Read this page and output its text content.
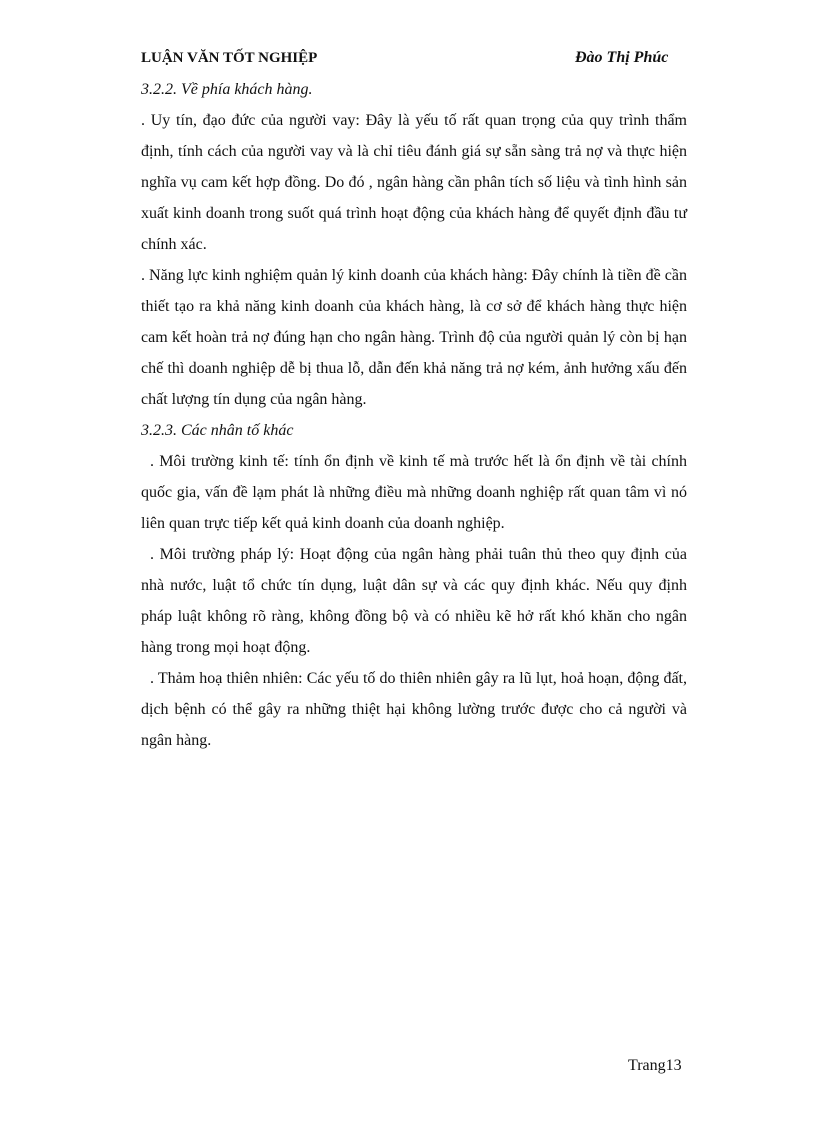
LUẬN VĂN TỐT NGHIỆP	Đào Thị Phúc

3.2.2. Về phía khách hàng.

. Uy tín, đạo đức của người vay: Đây là yếu tố rất quan trọng của quy trình thẩm định, tính cách của người vay và là chỉ tiêu đánh giá sự sẵn sàng trả nợ và thực hiện nghĩa vụ cam kết hợp đồng. Do đó , ngân hàng cần phân tích số liệu và tình hình sản xuất kinh doanh trong suốt quá trình hoạt động của khách hàng để quyết định đầu tư chính xác.

. Năng lực kinh nghiệm quản lý kinh doanh của khách hàng: Đây chính là tiền đề cần thiết tạo ra khả năng kinh doanh của khách hàng, là cơ sở để khách hàng thực hiện cam kết hoàn trả nợ đúng hạn cho ngân hàng. Trình độ của người quản lý còn bị hạn chế thì doanh nghiệp dễ bị thua lỗ, dẫn đến khả năng trả nợ kém, ảnh hưởng xấu đến chất lượng tín dụng của ngân hàng.

3.2.3. Các nhân tố khác

. Môi trường kinh tế: tính ổn định về kinh tế mà trước hết là ổn định về tài chính quốc gia, vấn đề lạm phát là những điều mà những doanh nghiệp rất quan tâm vì nó liên quan trực tiếp kết quả kinh doanh của doanh nghiệp.

. Môi trường pháp lý: Hoạt động của ngân hàng phải tuân thủ theo quy định của nhà nước, luật tổ chức tín dụng, luật dân sự và các quy định khác. Nếu quy định pháp luật không rõ ràng, không đồng bộ và có nhiều kẽ hở rất khó khăn cho ngân hàng trong mọi hoạt động.

. Thảm hoạ thiên nhiên: Các yếu tố do thiên nhiên gây ra lũ lụt, hoả hoạn, động đất, dịch bệnh có thể gây ra những thiệt hại không lường trước được cho cả người và ngân hàng.

Trang13
